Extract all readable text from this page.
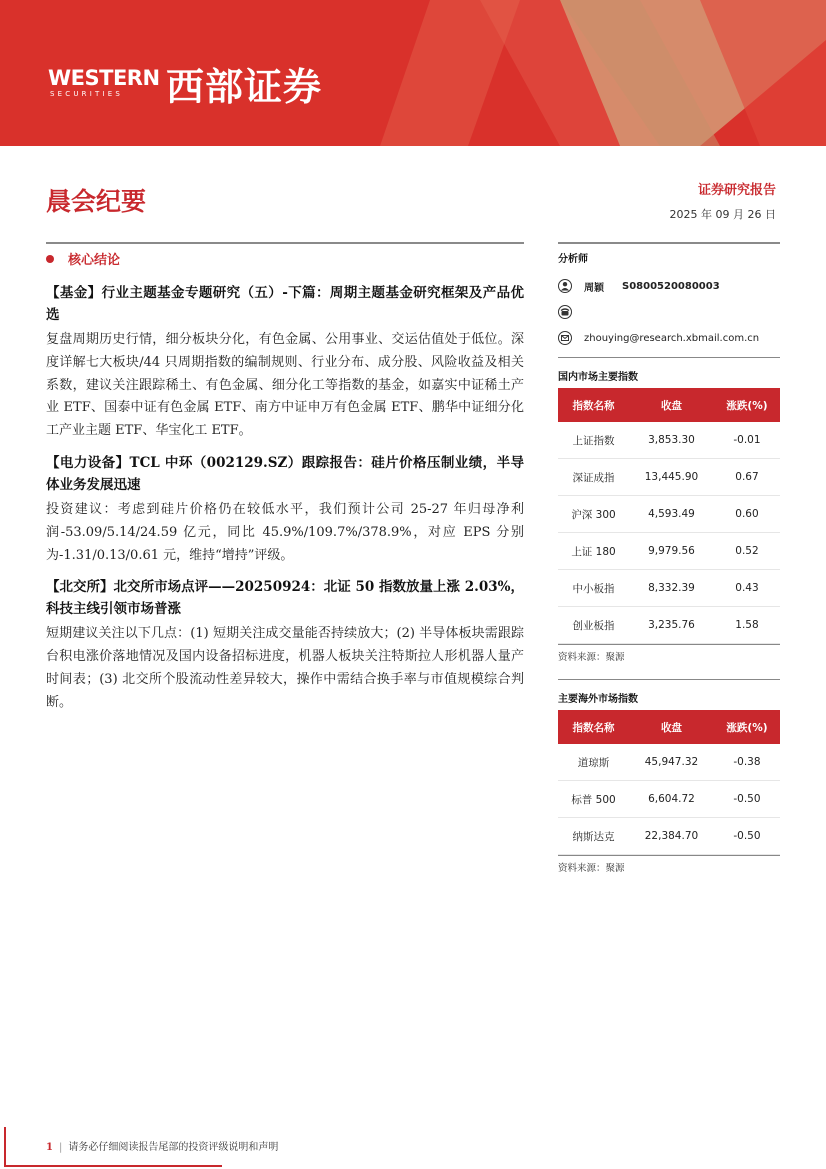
WESTERN
SECURITIES 西部证券
晨会纪要	证券研究报告
2025 年 09 月 26 日
核心结论

【基金】行业主题基金专题研究（五）-下篇：周期主题基金研究框架及产品优选

复盘周期历史行情，细分板块分化，有色金属、公用事业、交运估值处于低位。深度详解七大板块/44 只周期指数的编制规则、行业分布、成分股、风险收益及相关系数，建议关注跟踪稀土、有色金属、细分化工等指数的基金，如嘉实中证稀土产业 ETF、国泰中证有色金属 ETF、南方中证申万有色金属 ETF、鹏华中证细分化工产业主题 ETF、华宝化工 ETF。

【电力设备】TCL 中环（002129.SZ）跟踪报告：硅片价格压制业绩，半导体业务发展迅速

投资建议：考虑到硅片价格仍在较低水平，我们预计公司 25-27 年归母净利润-53.09/5.14/24.59 亿元，同比 45.9%/109.7%/378.9%，对应 EPS 分别为-1.31/0.13/0.61 元，维持“增持”评级。

【北交所】北交所市场点评——20250924：北证 50 指数放量上涨 2.03%，科技主线引领市场普涨

短期建议关注以下几点：(1) 短期关注成交量能否持续放大；(2) 半导体板块需跟踪台积电涨价落地情况及国内设备招标进度，机器人板块关注特斯拉人形机器人量产时间表；(3) 北交所个股流动性差异较大，操作中需结合换手率与市值规模综合判断。

分析师
周颖 S0800520080003
zhouying@research.xbmail.com.cn
国内市场主要指数
指数名称	收盘	涨跌(%)
上证指数	3,853.30	-0.01
深证成指	13,445.90	0.67
沪深 300	4,593.49	0.60
上证 180	9,979.56	0.52
中小板指	8,332.39	0.43
创业板指	3,235.76	1.58
资料来源：聚源
主要海外市场指数
指数名称	收盘	涨跌(%)
道琼斯	45,947.32	-0.38
标普 500	6,604.72	-0.50
纳斯达克	22,384.70	-0.50
资料来源：聚源
1 | 请务必仔细阅读报告尾部的投资评级说明和声明
